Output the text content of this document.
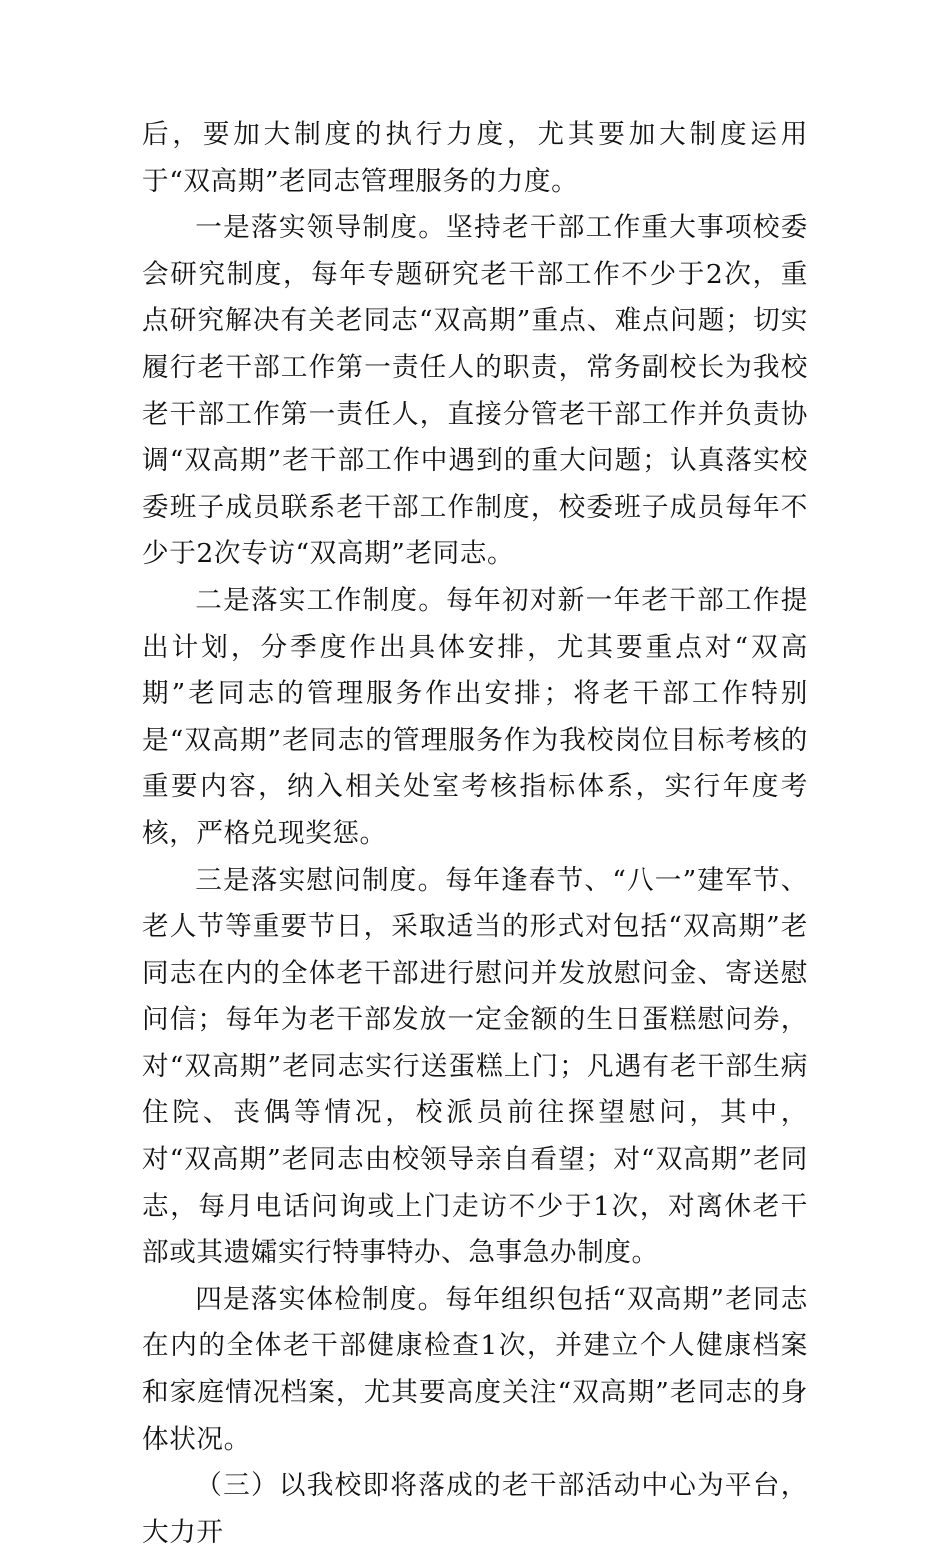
后，要加大制度的执行力度，尤其要加大制度运用于“双高期”老同志管理服务的力度。

一是落实领导制度。坚持老干部工作重大事项校委会研究制度，每年专题研究老干部工作不少于2次，重点研究解决有关老同志“双高期”重点、难点问题；切实履行老干部工作第一责任人的职责，常务副校长为我校老干部工作第一责任人，直接分管老干部工作并负责协调“双高期”老干部工作中遇到的重大问题；认真落实校委班子成员联系老干部工作制度，校委班子成员每年不少于2次专访“双高期”老同志。

二是落实工作制度。每年初对新一年老干部工作提出计划，分季度作出具体安排，尤其要重点对“双高期”老同志的管理服务作出安排；将老干部工作特别是“双高期”老同志的管理服务作为我校岗位目标考核的重要内容，纳入相关处室考核指标体系，实行年度考核，严格兑现奖惩。

三是落实慰问制度。每年逢春节、“八一”建军节、老人节等重要节日，采取适当的形式对包括“双高期”老同志在内的全体老干部进行慰问并发放慰问金、寄送慰问信；每年为老干部发放一定金额的生日蛋糕慰问券，对“双高期”老同志实行送蛋糕上门；凡遇有老干部生病住院、丧偶等情况，校派员前往探望慰问，其中，对“双高期”老同志由校领导亲自看望；对“双高期”老同志，每月电话问询或上门走访不少于1次，对离休老干部或其遗孀实行特事特办、急事急办制度。

四是落实体检制度。每年组织包括“双高期”老同志在内的全体老干部健康检查1次，并建立个人健康档案和家庭情况档案，尤其要高度关注“双高期”老同志的身体状况。

（三）以我校即将落成的老干部活动中心为平台，大力开
